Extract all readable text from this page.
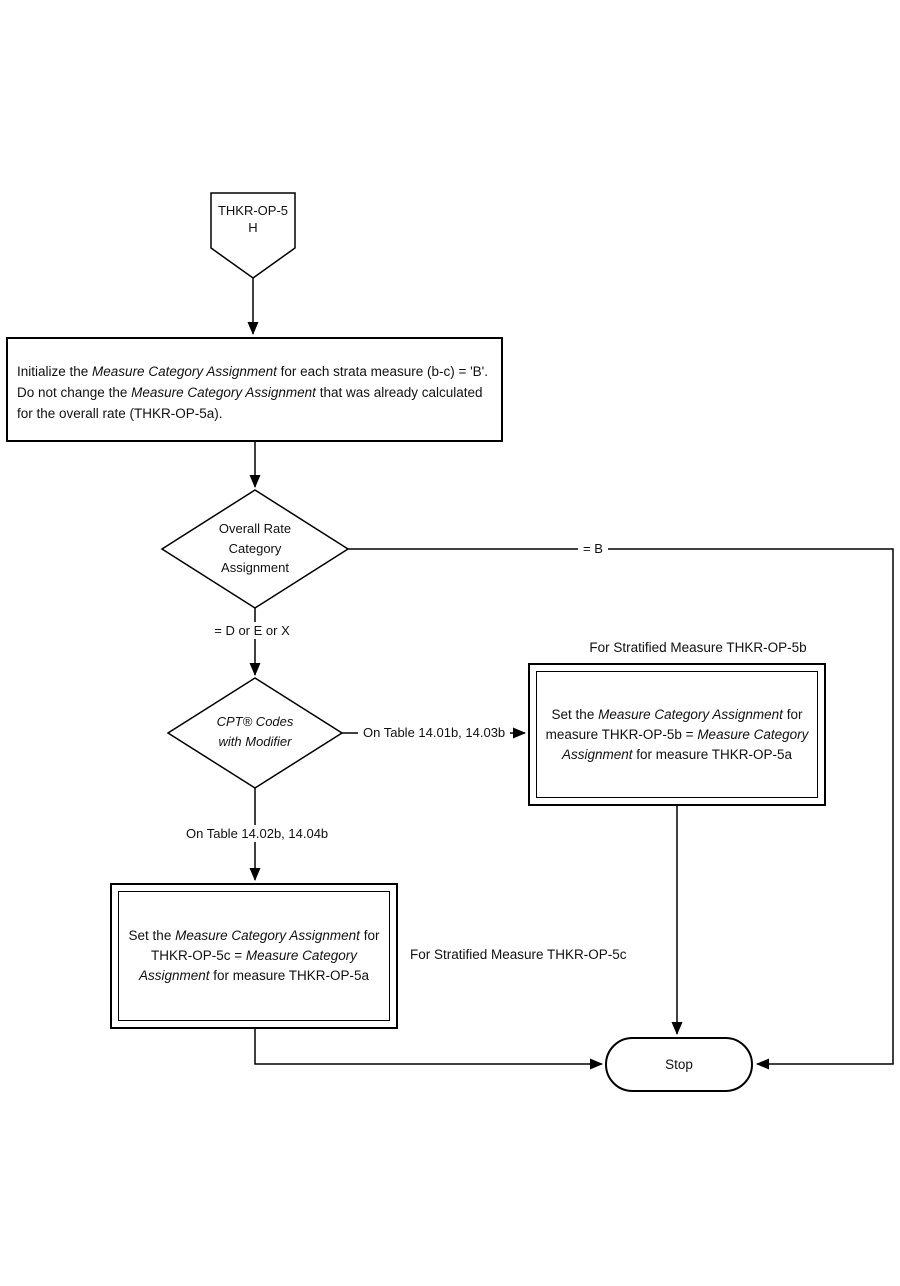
THKR-OP-5
H
Initialize the Measure Category Assignment for each strata measure (b-c) = 'B'. Do not change the Measure Category Assignment that was already calculated for the overall rate (THKR-OP-5a).
Overall Rate
Category
Assignment
= B
= D or E or X
CPT® Codes
with Modifier
On Table 14.01b, 14.03b
For Stratified Measure THKR-OP-5b
Set the Measure Category Assignment for measure THKR-OP-5b = Measure Category Assignment for measure THKR-OP-5a
On Table 14.02b, 14.04b
Set the Measure Category Assignment for THKR-OP-5c = Measure Category Assignment for measure THKR-OP-5a
For Stratified Measure THKR-OP-5c
Stop
